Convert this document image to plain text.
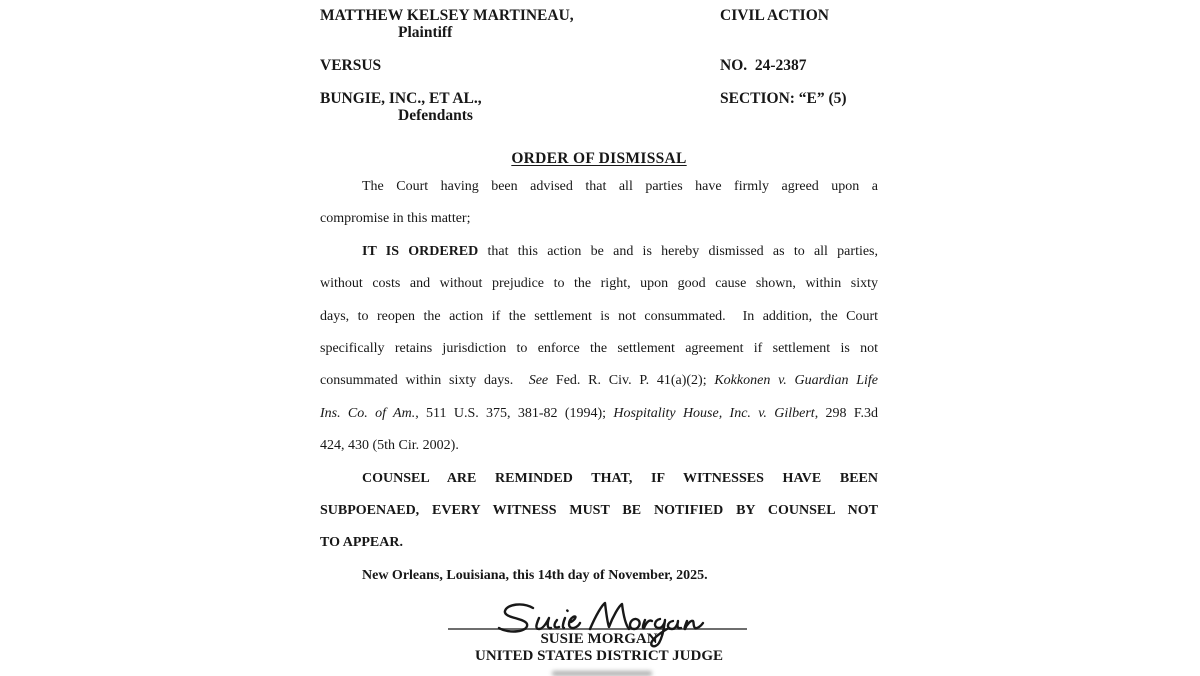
MATTHEW KELSEY MARTINEAU,
Plaintiff
CIVIL ACTION
VERSUS	NO.  24-2387
BUNGIE, INC., ET AL.,
Defendants
SECTION: “E” (5)
ORDER OF DISMISSAL
The Court having been advised that all parties have firmly agreed upon a
compromise in this matter;
IT IS ORDERED that this action be and is hereby dismissed as to all parties,
without costs and without prejudice to the right, upon good cause shown, within sixty
days, to reopen the action if the settlement is not consummated.  In addition, the Court
specifically retains jurisdiction to enforce the settlement agreement if settlement is not
consummated within sixty days.  See Fed. R. Civ. P. 41(a)(2); Kokkonen v. Guardian Life
Ins. Co. of Am., 511 U.S. 375, 381-82 (1994); Hospitality House, Inc. v. Gilbert, 298 F.3d
424, 430 (5th Cir. 2002).
COUNSEL ARE REMINDED THAT, IF WITNESSES HAVE BEEN
SUBPOENAED, EVERY WITNESS MUST BE NOTIFIED BY COUNSEL NOT
TO APPEAR.
New Orleans, Louisiana, this 14th day of November, 2025.
SUSIE MORGAN
UNITED STATES DISTRICT JUDGE
